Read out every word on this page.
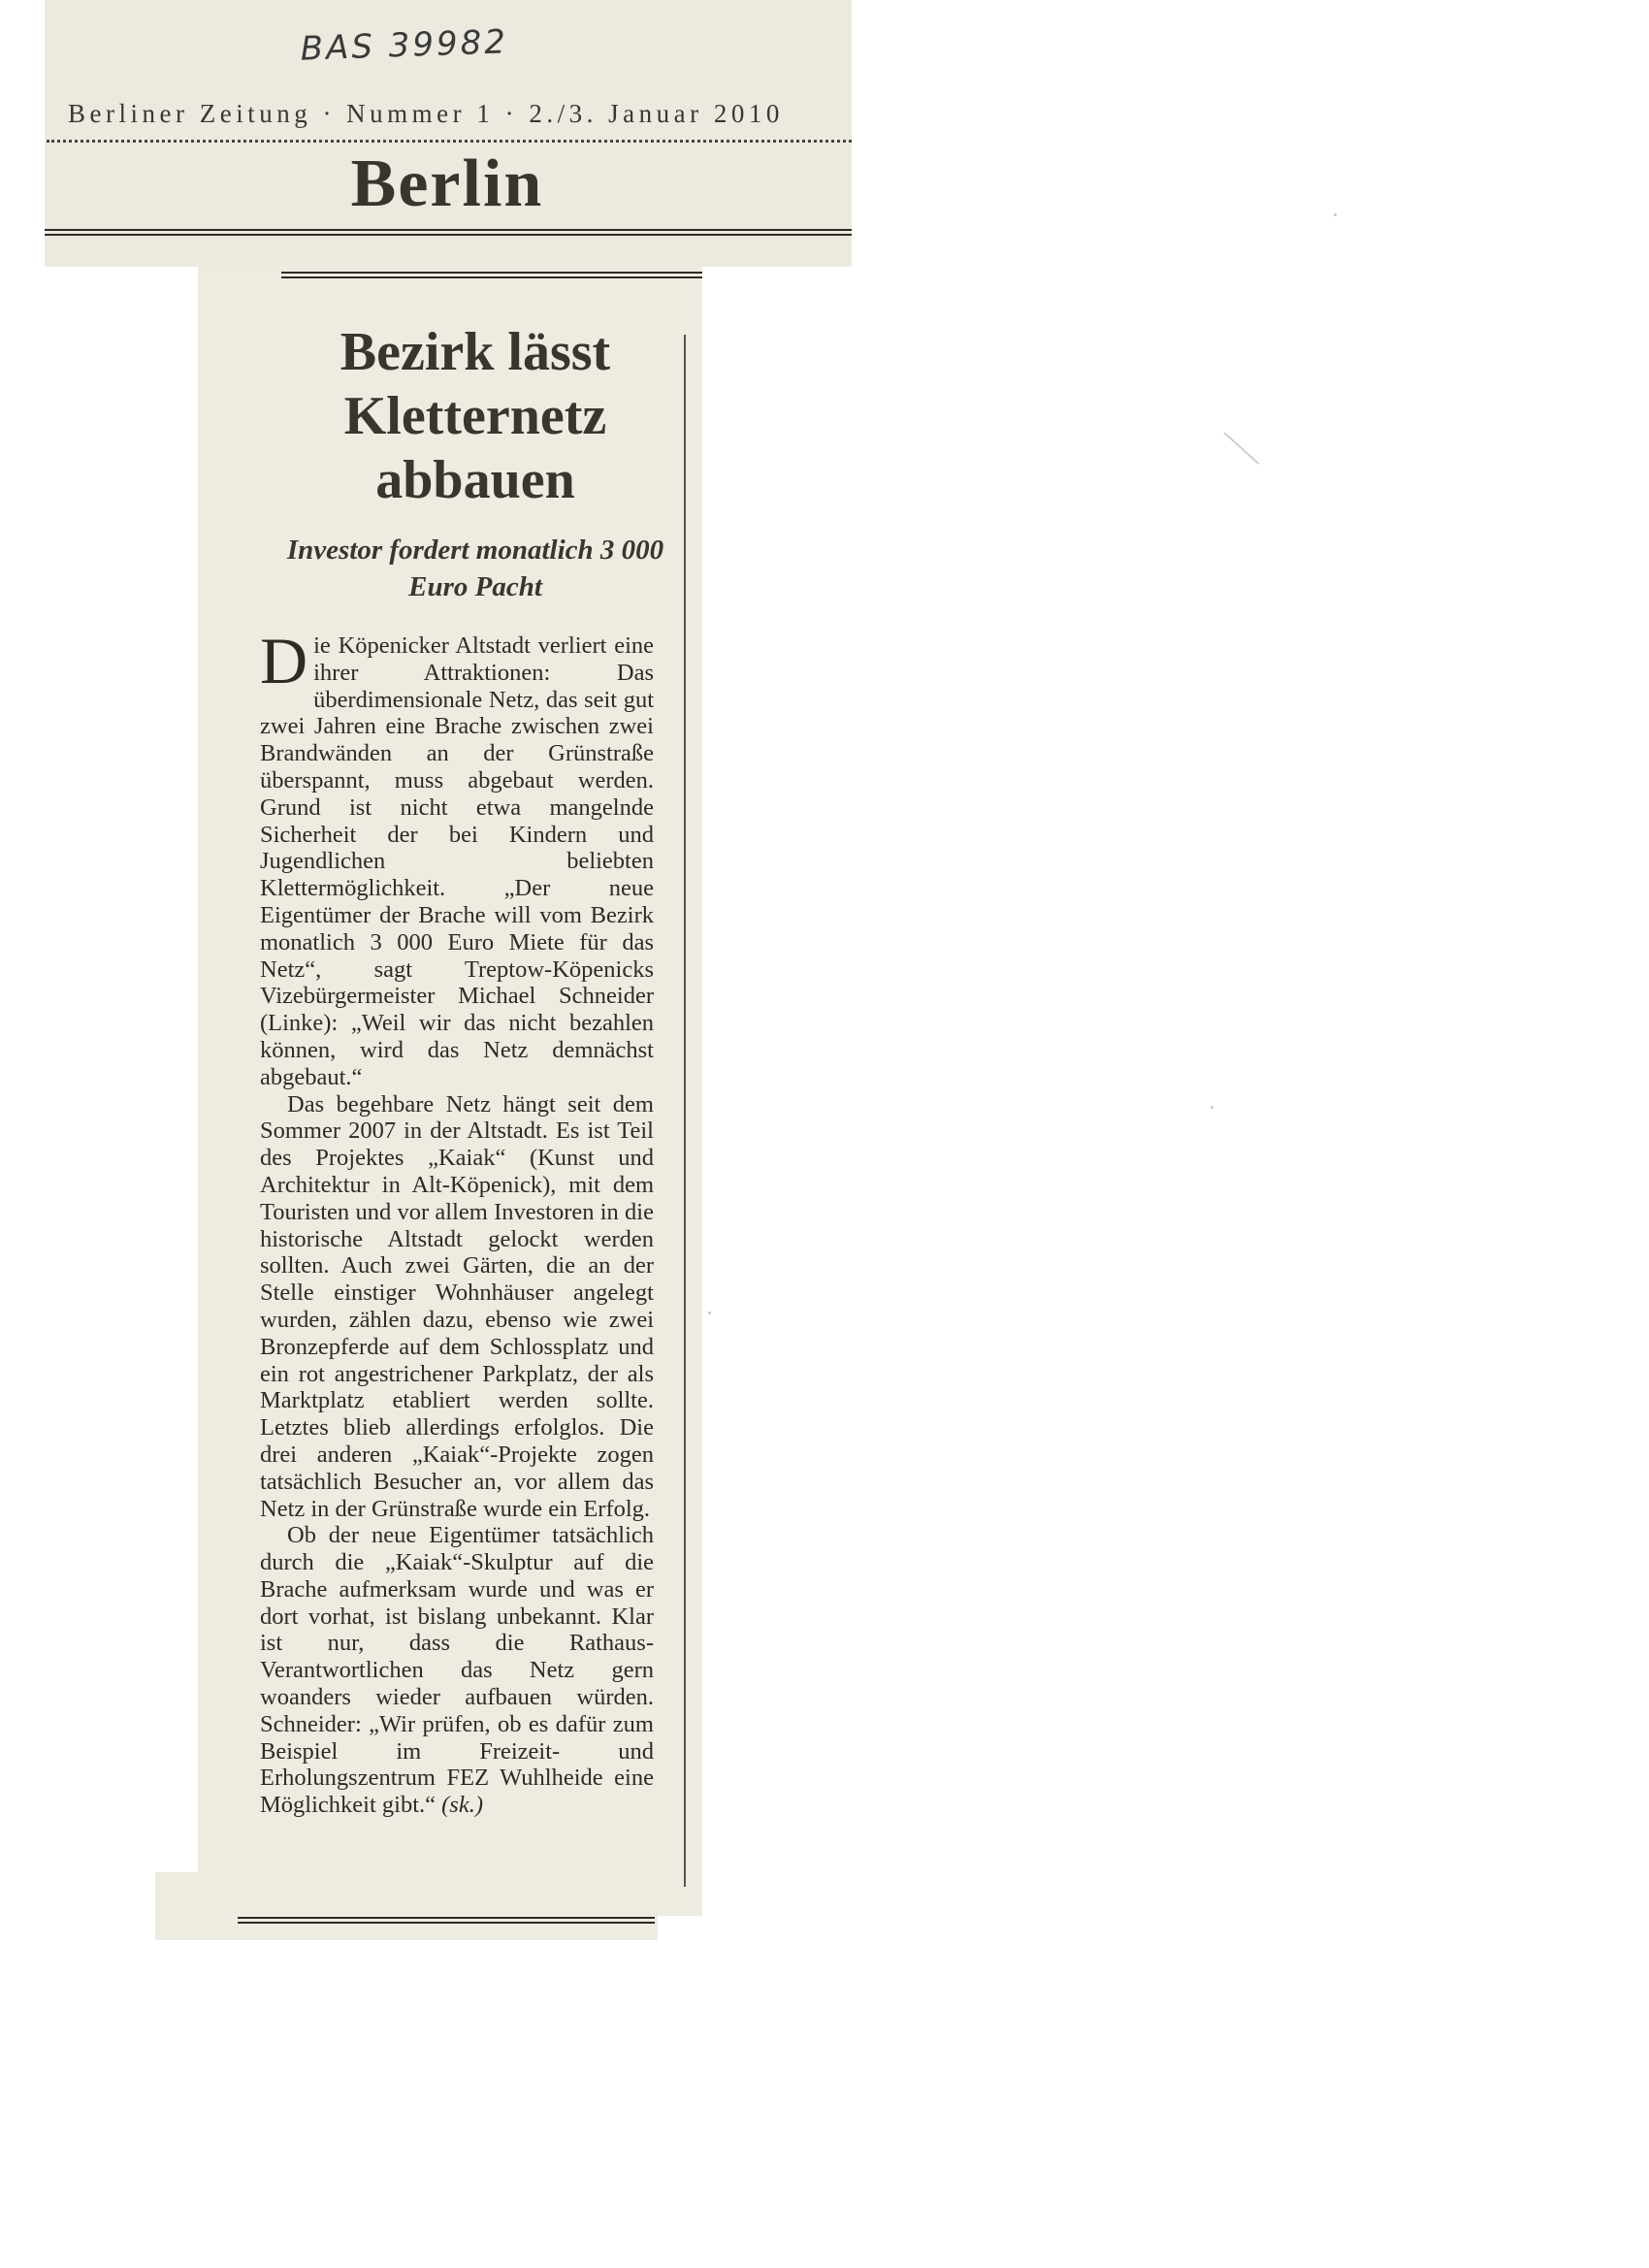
BAS 39982

Berliner Zeitung · Nummer 1 · 2./3. Januar 2010
Berlin
Bezirk lässt Kletternetz abbauen
Investor fordert monatlich 3 000 Euro Pacht

Die Köpenicker Altstadt verliert eine ihrer Attraktionen: Das überdimensionale Netz, das seit gut zwei Jahren eine Brache zwischen zwei Brandwänden an der Grünstraße überspannt, muss abgebaut werden. Grund ist nicht etwa mangelnde Sicherheit der bei Kindern und Jugendlichen beliebten Klettermöglichkeit. „Der neue Eigentümer der Brache will vom Bezirk monatlich 3 000 Euro Miete für das Netz“, sagt Treptow-Köpenicks Vizebürgermeister Michael Schneider (Linke): „Weil wir das nicht bezahlen können, wird das Netz demnächst abgebaut.“

Das begehbare Netz hängt seit dem Sommer 2007 in der Altstadt. Es ist Teil des Projektes „Kaiak“ (Kunst und Architektur in Alt-Köpenick), mit dem Touristen und vor allem Investoren in die historische Altstadt gelockt werden sollten. Auch zwei Gärten, die an der Stelle einstiger Wohnhäuser angelegt wurden, zählen dazu, ebenso wie zwei Bronzepferde auf dem Schlossplatz und ein rot angestrichener Parkplatz, der als Marktplatz etabliert werden sollte. Letztes blieb allerdings erfolglos. Die drei anderen „Kaiak“-Projekte zogen tatsächlich Besucher an, vor allem das Netz in der Grünstraße wurde ein Erfolg.

Ob der neue Eigentümer tatsächlich durch die „Kaiak“-Skulptur auf die Brache aufmerksam wurde und was er dort vorhat, ist bislang unbekannt. Klar ist nur, dass die Rathaus-Verantwortlichen das Netz gern woanders wieder aufbauen würden. Schneider: „Wir prüfen, ob es dafür zum Beispiel im Freizeit- und Erholungszentrum FEZ Wuhlheide eine Möglichkeit gibt.“ (sk.)
